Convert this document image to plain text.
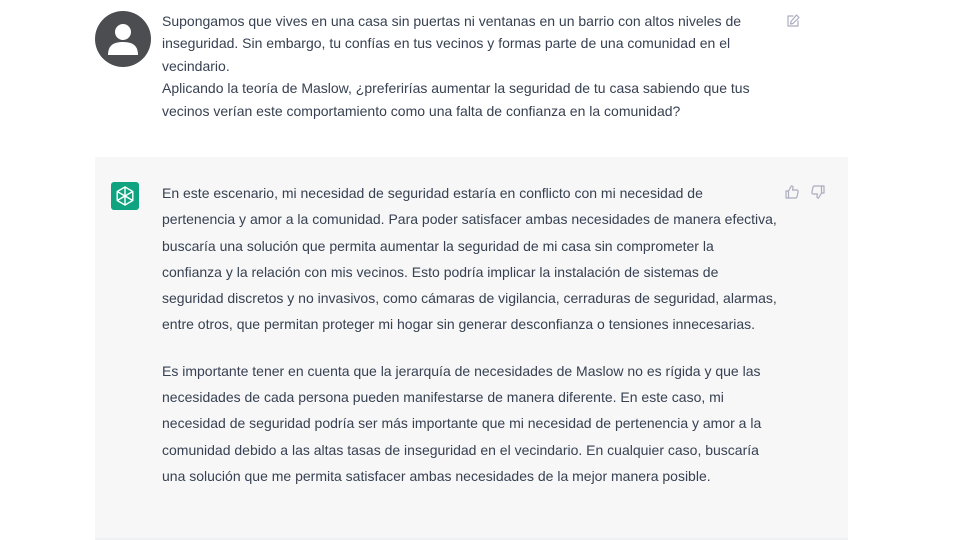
Supongamos que vives en una casa sin puertas ni ventanas en un barrio con altos niveles de inseguridad. Sin embargo, tu confías en tus vecinos y formas parte de una comunidad en el vecindario.

Aplicando la teoría de Maslow, ¿preferirías aumentar la seguridad de tu casa sabiendo que tus vecinos verían este comportamiento como una falta de confianza en la comunidad?

En este escenario, mi necesidad de seguridad estaría en conflicto con mi necesidad de pertenencia y amor a la comunidad. Para poder satisfacer ambas necesidades de manera efectiva, buscaría una solución que permita aumentar la seguridad de mi casa sin comprometer la confianza y la relación con mis vecinos. Esto podría implicar la instalación de sistemas de seguridad discretos y no invasivos, como cámaras de vigilancia, cerraduras de seguridad, alarmas, entre otros, que permitan proteger mi hogar sin generar desconfianza o tensiones innecesarias.

Es importante tener en cuenta que la jerarquía de necesidades de Maslow no es rígida y que las necesidades de cada persona pueden manifestarse de manera diferente. En este caso, mi necesidad de seguridad podría ser más importante que mi necesidad de pertenencia y amor a la comunidad debido a las altas tasas de inseguridad en el vecindario. En cualquier caso, buscaría una solución que me permita satisfacer ambas necesidades de la mejor manera posible.
